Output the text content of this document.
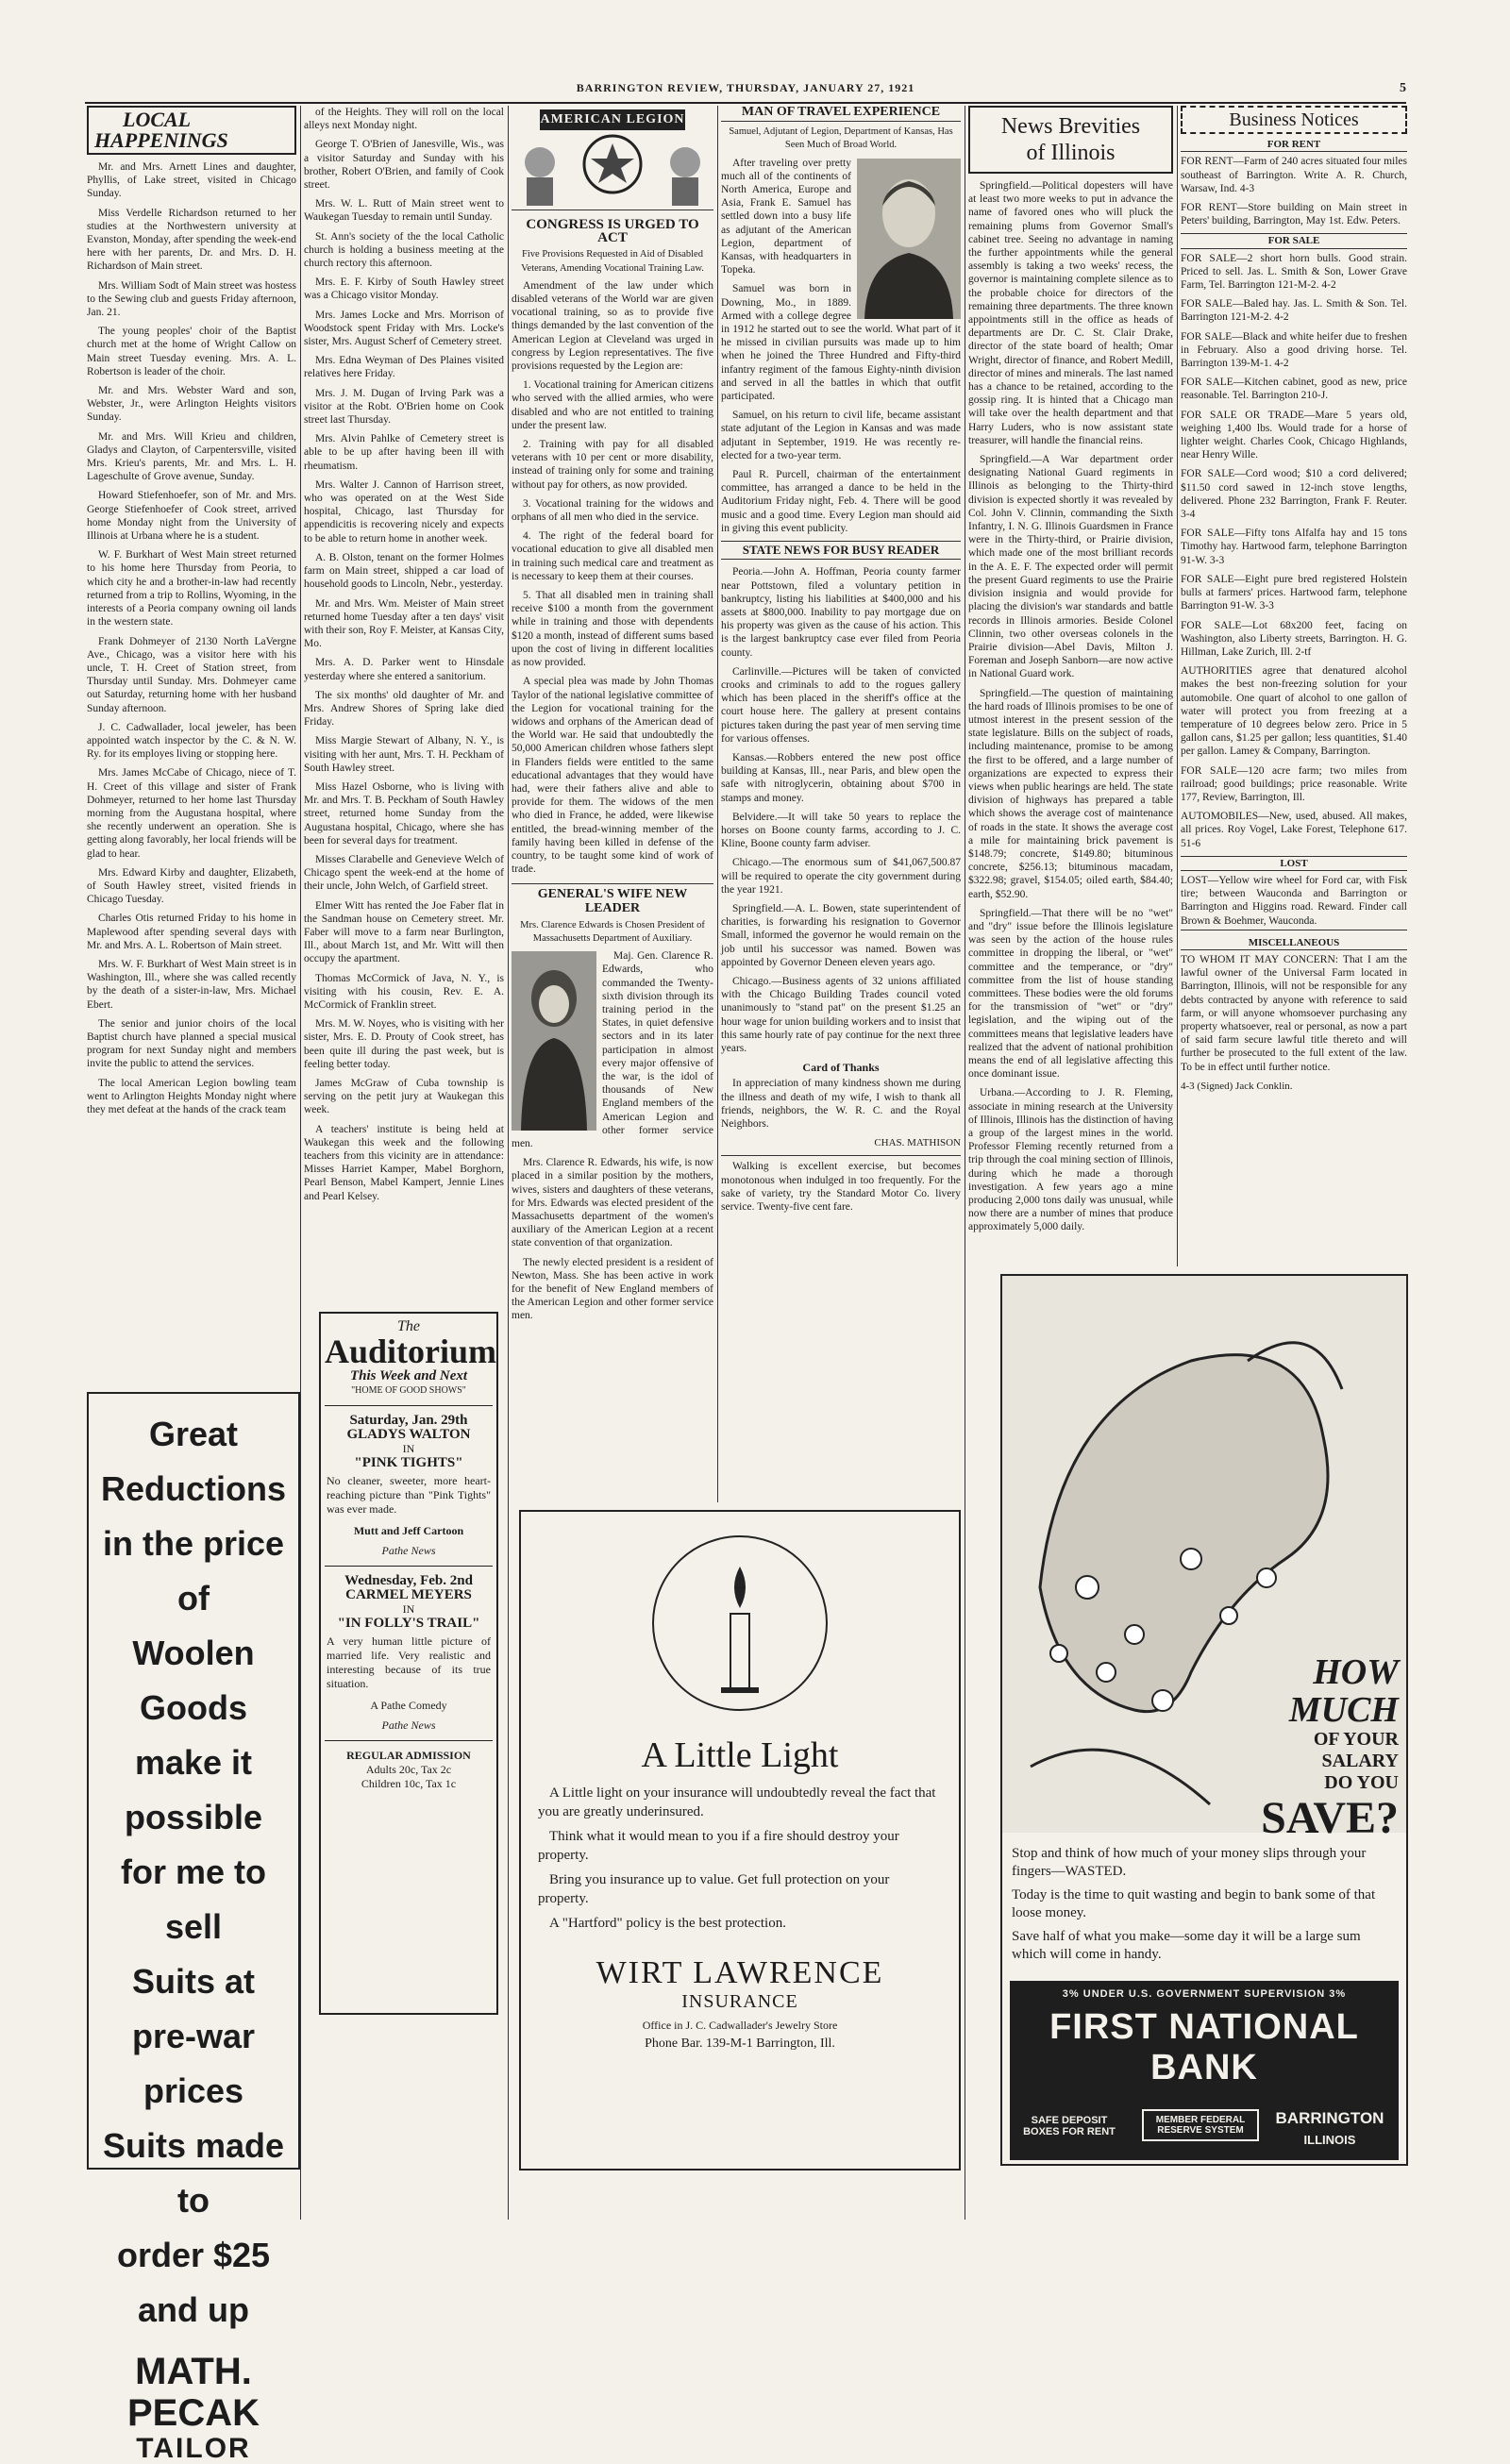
BARRINGTON REVIEW, THURSDAY, JANUARY 27, 1921	5
LOCAL
HAPPENINGS

Mr. and Mrs. Arnett Lines and daughter, Phyllis, of Lake street, visited in Chicago Sunday.

Miss Verdelle Richardson returned to her studies at the Northwestern university at Evanston, Monday, after spending the week-end here with her parents, Dr. and Mrs. D. H. Richardson of Main street.

Mrs. William Sodt of Main street was hostess to the Sewing club and guests Friday afternoon, Jan. 21.

The young peoples' choir of the Baptist church met at the home of Wright Callow on Main street Tuesday evening. Mrs. A. L. Robertson is leader of the choir.

Mr. and Mrs. Webster Ward and son, Webster, Jr., were Arlington Heights visitors Sunday.

Mr. and Mrs. Will Krieu and children, Gladys and Clayton, of Carpentersville, visited Mrs. Krieu's parents, Mr. and Mrs. L. H. Lageschulte of Grove avenue, Sunday.

Howard Stiefenhoefer, son of Mr. and Mrs. George Stiefenhoefer of Cook street, arrived home Monday night from the University of Illinois at Urbana where he is a student.

W. F. Burkhart of West Main street returned to his home here Thursday from Peoria, to which city he and a brother-in-law had recently returned from a trip to Rollins, Wyoming, in the interests of a Peoria company owning oil lands in the western state.

Frank Dohmeyer of 2130 North LaVergne Ave., Chicago, was a visitor here with his uncle, T. H. Creet of Station street, from Thursday until Sunday. Mrs. Dohmeyer came out Saturday, returning home with her husband Sunday afternoon.

J. C. Cadwallader, local jeweler, has been appointed watch inspector by the C. & N. W. Ry. for its employes living or stopping here.

Mrs. James McCabe of Chicago, niece of T. H. Creet of this village and sister of Frank Dohmeyer, returned to her home last Thursday morning from the Augustana hospital, where she recently underwent an operation. She is getting along favorably, her local friends will be glad to hear.

Mrs. Edward Kirby and daughter, Elizabeth, of South Hawley street, visited friends in Chicago Tuesday.

Charles Otis returned Friday to his home in Maplewood after spending several days with Mr. and Mrs. A. L. Robertson of Main street.

Mrs. W. F. Burkhart of West Main street is in Washington, Ill., where she was called recently by the death of a sister-in-law, Mrs. Michael Ebert.

The senior and junior choirs of the local Baptist church have planned a special musical program for next Sunday night and members invite the public to attend the services.

The local American Legion bowling team went to Arlington Heights Monday night where they met defeat at the hands of the crack team

Great Reductions
in the price of
Woolen Goods
make it possible
for me to sell
Suits at
pre-war prices
Suits made to
order $25 and up
MATH. PECAK
TAILOR

of the Heights. They will roll on the local alleys next Monday night.

George T. O'Brien of Janesville, Wis., was a visitor Saturday and Sunday with his brother, Robert O'Brien, and family of Cook street.

Mrs. W. L. Rutt of Main street went to Waukegan Tuesday to remain until Sunday.

St. Ann's society of the the local Catholic church is holding a business meeting at the church rectory this afternoon.

Mrs. E. F. Kirby of South Hawley street was a Chicago visitor Monday.

Mrs. James Locke and Mrs. Morrison of Woodstock spent Friday with Mrs. Locke's sister, Mrs. August Scherf of Cemetery street.

Mrs. Edna Weyman of Des Plaines visited relatives here Friday.

Mrs. J. M. Dugan of Irving Park was a visitor at the Robt. O'Brien home on Cook street last Thursday.

Mrs. Alvin Pahlke of Cemetery street is able to be up after having been ill with rheumatism.

Mrs. Walter J. Cannon of Harrison street, who was operated on at the West Side hospital, Chicago, last Thursday for appendicitis is recovering nicely and expects to be able to return home in another week.

A. B. Olston, tenant on the former Holmes farm on Main street, shipped a car load of household goods to Lincoln, Nebr., yesterday.

Mr. and Mrs. Wm. Meister of Main street returned home Tuesday after a ten days' visit with their son, Roy F. Meister, at Kansas City, Mo.

Mrs. A. D. Parker went to Hinsdale yesterday where she entered a sanitorium.

The six months' old daughter of Mr. and Mrs. Andrew Shores of Spring lake died Friday.

Miss Margie Stewart of Albany, N. Y., is visiting with her aunt, Mrs. T. H. Peckham of South Hawley street.

Miss Hazel Osborne, who is living with Mr. and Mrs. T. B. Peckham of South Hawley street, returned home Sunday from the Augustana hospital, Chicago, where she has been for several days for treatment.

Misses Clarabelle and Genevieve Welch of Chicago spent the week-end at the home of their uncle, John Welch, of Garfield street.

Elmer Witt has rented the Joe Faber flat in the Sandman house on Cemetery street. Mr. Faber will move to a farm near Burlington, Ill., about March 1st, and Mr. Witt will then occupy the apartment.

Thomas McCormick of Java, N. Y., is visiting with his cousin, Rev. E. A. McCormick of Franklin street.

Mrs. M. W. Noyes, who is visiting with her sister, Mrs. E. D. Prouty of Cook street, has been quite ill during the past week, but is feeling better today.

James McGraw of Cuba township is serving on the petit jury at Waukegan this week.

A teachers' institute is being held at Waukegan this week and the following teachers from this vicinity are in attendance: Misses Harriet Kamper, Mabel Borghorn, Pearl Benson, Mabel Kampert, Jennie Lines and Pearl Kelsey.

The
Auditorium
This Week and Next
"HOME OF GOOD SHOWS"
Saturday, Jan. 29th
GLADYS WALTON
IN
"PINK TIGHTS"
No cleaner, sweeter, more heart-reaching picture than "Pink Tights" was ever made.
Mutt and Jeff Cartoon
Pathe News
Wednesday, Feb. 2nd
CARMEL MEYERS
IN
"IN FOLLY'S TRAIL"
A very human little picture of married life. Very realistic and interesting because of its true situation.
A Pathe Comedy
Pathe News
REGULAR ADMISSION
Adults 20c, Tax 2c
Children 10c, Tax 1c
AMERICAN LEGION
CONGRESS IS URGED TO ACT
Five Provisions Requested in Aid of Disabled Veterans, Amending Vocational Training Law.

Amendment of the law under which disabled veterans of the World war are given vocational training, so as to provide five things demanded by the last convention of the American Legion at Cleveland was urged in congress by Legion representatives. The five provisions requested by the Legion are:

1. Vocational training for American citizens who served with the allied armies, who were disabled and who are not entitled to training under the present law.

2. Training with pay for all disabled veterans with 10 per cent or more disability, instead of training only for some and training without pay for others, as now provided.

3. Vocational training for the widows and orphans of all men who died in the service.

4. The right of the federal board for vocational education to give all disabled men in training such medical care and treatment as is necessary to keep them at their courses.

5. That all disabled men in training shall receive $100 a month from the government while in training and those with dependents $120 a month, instead of different sums based upon the cost of living in different localities as now provided.

A special plea was made by John Thomas Taylor of the national legislative committee of the Legion for vocational training for the widows and orphans of the American dead of the World war. He said that undoubtedly the 50,000 American children whose fathers slept in Flanders fields were entitled to the same educational advantages that they would have had, were their fathers alive and able to provide for them. The widows of the men who died in France, he added, were likewise entitled, the bread-winning member of the family having been killed in defense of the country, to be taught some kind of work of trade.

GENERAL'S WIFE NEW LEADER
Mrs. Clarence Edwards is Chosen President of Massachusetts Department of Auxiliary.

Maj. Gen. Clarence R. Edwards, who commanded the Twenty-sixth division through its training period in the States, in quiet defensive sectors and in its later participation in almost every major offensive of the war, is the idol of thousands of New England members of the American Legion and other former service men.

Mrs. Clarence R. Edwards, his wife, is now placed in a similar position by the mothers, wives, sisters and daughters of these veterans, for Mrs. Edwards was elected president of the Massachusetts department of the women's auxiliary of the American Legion at a recent state convention of that organization.

The newly elected president is a resident of Newton, Mass. She has been active in work for the benefit of New England members of the American Legion and other former service men.

MAN OF TRAVEL EXPERIENCE
Samuel, Adjutant of Legion, Department of Kansas, Has Seen Much of Broad World.

After traveling over pretty much all of the continents of North America, Europe and Asia, Frank E. Samuel has settled down into a busy life as adjutant of the American Legion, department of Kansas, with headquarters in Topeka.

Samuel was born in Downing, Mo., in 1889. Armed with a college degree in 1912 he started out to see the world. What part of it he missed in civilian pursuits was made up to him when he joined the Three Hundred and Fifty-third infantry regiment of the famous Eighty-ninth division and served in all the battles in which that outfit participated.

Samuel, on his return to civil life, became assistant state adjutant of the Legion in Kansas and was made adjutant in September, 1919. He was recently re-elected for a two-year term.

Paul R. Purcell, chairman of the entertainment committee, has arranged a dance to be held in the Auditorium Friday night, Feb. 4. There will be good music and a good time. Every Legion man should aid in giving this event publicity.

STATE NEWS FOR BUSY READER

Peoria.—John A. Hoffman, Peoria county farmer near Pottstown, filed a voluntary petition in bankruptcy, listing his liabilities at $400,000 and his assets at $800,000. Inability to pay mortgage due on his property was given as the cause of his action. This is the largest bankruptcy case ever filed from Peoria county.

Carlinville.—Pictures will be taken of convicted crooks and criminals to add to the rogues gallery which has been placed in the sheriff's office at the court house here. The gallery at present contains pictures taken during the past year of men serving time for various offenses.

Kansas.—Robbers entered the new post office building at Kansas, Ill., near Paris, and blew open the safe with nitroglycerin, obtaining about $700 in stamps and money.

Belvidere.—It will take 50 years to replace the horses on Boone county farms, according to J. C. Kline, Boone county farm adviser.

Chicago.—The enormous sum of $41,067,500.87 will be required to operate the city government during the year 1921.

Springfield.—A. L. Bowen, state superintendent of charities, is forwarding his resignation to Governor Small, informed the governor he would remain on the job until his successor was named. Bowen was appointed by Governor Deneen eleven years ago.

Chicago.—Business agents of 32 unions affiliated with the Chicago Building Trades council voted unanimously to "stand pat" on the present $1.25 an hour wage for union building workers and to insist that this same hourly rate of pay continue for the next three years.

Card of Thanks

In appreciation of many kindness shown me during the illness and death of my wife, I wish to thank all friends, neighbors, the W. R. C. and the Royal Neighbors.

CHAS. MATHISON

Walking is excellent exercise, but becomes monotonous when indulged in too frequently. For the sake of variety, try the Standard Motor Co. livery service. Twenty-five cent fare.

A Little Light

A Little light on your insurance will undoubtedly reveal the fact that you are greatly underinsured.

Think what it would mean to you if a fire should destroy your property.

Bring you insurance up to value. Get full protection on your property.

A "Hartford" policy is the best protection.

WIRT LAWRENCE
INSURANCE
Office in J. C. Cadwallader's Jewelry Store
Phone Bar. 139-M-1 Barrington, Ill.
News Brevities
of Illinois

Springfield.—Political dopesters will have at least two more weeks to put in advance the name of favored ones who will pluck the remaining plums from Governor Small's cabinet tree. Seeing no advantage in naming the further appointments while the general assembly is taking a two weeks' recess, the governor is maintaining complete silence as to the probable choice for directors of the remaining three departments. The three known appointments still in the office as heads of departments are Dr. C. St. Clair Drake, director of the state board of health; Omar Wright, director of finance, and Robert Medill, director of mines and minerals. The last named has a chance to be retained, according to the gossip ring. It is hinted that a Chicago man will take over the health department and that Harry Luders, who is now assistant state treasurer, will handle the financial reins.

Springfield.—A War department order designating National Guard regiments in Illinois as belonging to the Thirty-third division is expected shortly it was revealed by Col. John V. Clinnin, commanding the Sixth Infantry, I. N. G. Illinois Guardsmen in France were in the Thirty-third, or Prairie division, which made one of the most brilliant records in the A. E. F. The expected order will permit the present Guard regiments to use the Prairie division insignia and would provide for placing the division's war standards and battle records in Illinois armories. Beside Colonel Clinnin, two other overseas colonels in the Prairie division—Abel Davis, Milton J. Foreman and Joseph Sanborn—are now active in National Guard work.

Springfield.—The question of maintaining the hard roads of Illinois promises to be one of utmost interest in the present session of the state legislature. Bills on the subject of roads, including maintenance, promise to be among the first to be offered, and a large number of organizations are expected to express their views when public hearings are held. The state division of highways has prepared a table which shows the average cost of maintenance of roads in the state. It shows the average cost a mile for maintaining brick pavement is $148.79; concrete, $149.80; bituminous concrete, $256.13; bituminous macadam, $322.98; gravel, $154.05; oiled earth, $84.40; earth, $52.90.

Springfield.—That there will be no "wet" and "dry" issue before the Illinois legislature was seen by the action of the house rules committee in dropping the liberal, or "wet" committee and the temperance, or "dry" committee from the list of house standing committees. These bodies were the old forums for the transmission of "wet" or "dry" legislation, and the wiping out of the committees means that legislative leaders have realized that the advent of national prohibition means the end of all legislative affecting this once dominant issue.

Urbana.—According to J. R. Fleming, associate in mining research at the University of Illinois, Illinois has the distinction of having a group of the largest mines in the world. Professor Fleming recently returned from a trip through the coal mining section of Illinois, during which he made a thorough investigation. A few years ago a mine producing 2,000 tons daily was unusual, while now there are a number of mines that produce approximately 5,000 daily.

Business Notices
FOR RENT

FOR RENT—Farm of 240 acres situated four miles southeast of Barrington. Write A. R. Church, Warsaw, Ind. 4-3

FOR RENT—Store building on Main street in Peters' building, Barrington, May 1st. Edw. Peters.

FOR SALE

FOR SALE—2 short horn bulls. Good strain. Priced to sell. Jas. L. Smith & Son, Lower Grave Farm, Tel. Barrington 121-M-2. 4-2

FOR SALE—Baled hay. Jas. L. Smith & Son. Tel. Barrington 121-M-2. 4-2

FOR SALE—Black and white heifer due to freshen in February. Also a good driving horse. Tel. Barrington 139-M-1. 4-2

FOR SALE—Kitchen cabinet, good as new, price reasonable. Tel. Barrington 210-J.

FOR SALE OR TRADE—Mare 5 years old, weighing 1,400 lbs. Would trade for a horse of lighter weight. Charles Cook, Chicago Highlands, near Henry Wille.

FOR SALE—Cord wood; $10 a cord delivered; $11.50 cord sawed in 12-inch stove lengths, delivered. Phone 232 Barrington, Frank F. Reuter. 3-4

FOR SALE—Fifty tons Alfalfa hay and 15 tons Timothy hay. Hartwood farm, telephone Barrington 91-W. 3-3

FOR SALE—Eight pure bred registered Holstein bulls at farmers' prices. Hartwood farm, telephone Barrington 91-W. 3-3

FOR SALE—Lot 68x200 feet, facing on Washington, also Liberty streets, Barrington. H. G. Hillman, Lake Zurich, Ill. 2-tf

AUTHORITIES agree that denatured alcohol makes the best non-freezing solution for your automobile. One quart of alcohol to one gallon of water will protect you from freezing at a temperature of 10 degrees below zero. Price in 5 gallon cans, $1.25 per gallon; less quantities, $1.40 per gallon. Lamey & Company, Barrington.

FOR SALE—120 acre farm; two miles from railroad; good buildings; price reasonable. Write 177, Review, Barrington, Ill.

AUTOMOBILES—New, used, abused. All makes, all prices. Roy Vogel, Lake Forest, Telephone 617. 51-6

LOST

LOST—Yellow wire wheel for Ford car, with Fisk tire; between Wauconda and Barrington or Barrington and Higgins road. Reward. Finder call Brown & Boehmer, Wauconda.

MISCELLANEOUS

TO WHOM IT MAY CONCERN: That I am the lawful owner of the Universal Farm located in Barrington, Illinois, will not be responsible for any debts contracted by anyone with reference to said farm, or will anyone whomsoever purchasing any property whatsoever, real or personal, as now a part of said farm secure lawful title thereto and will further be prosecuted to the full extent of the law. To be in effect until further notice.

4-3 (Signed) Jack Conklin.
HOW MUCH
OF YOUR SALARY
DO YOU
SAVE?

Stop and think of how much of your money slips through your fingers—WASTED.

Today is the time to quit wasting and begin to bank some of that loose money.

Save half of what you make—some day it will be a large sum which will come in handy.

3% UNDER U.S. GOVERNMENT SUPERVISION 3%
FIRST NATIONAL BANK
SAFE DEPOSIT BOXES FOR RENT
MEMBER FEDERAL RESERVE SYSTEM
BARRINGTON
ILLINOIS
